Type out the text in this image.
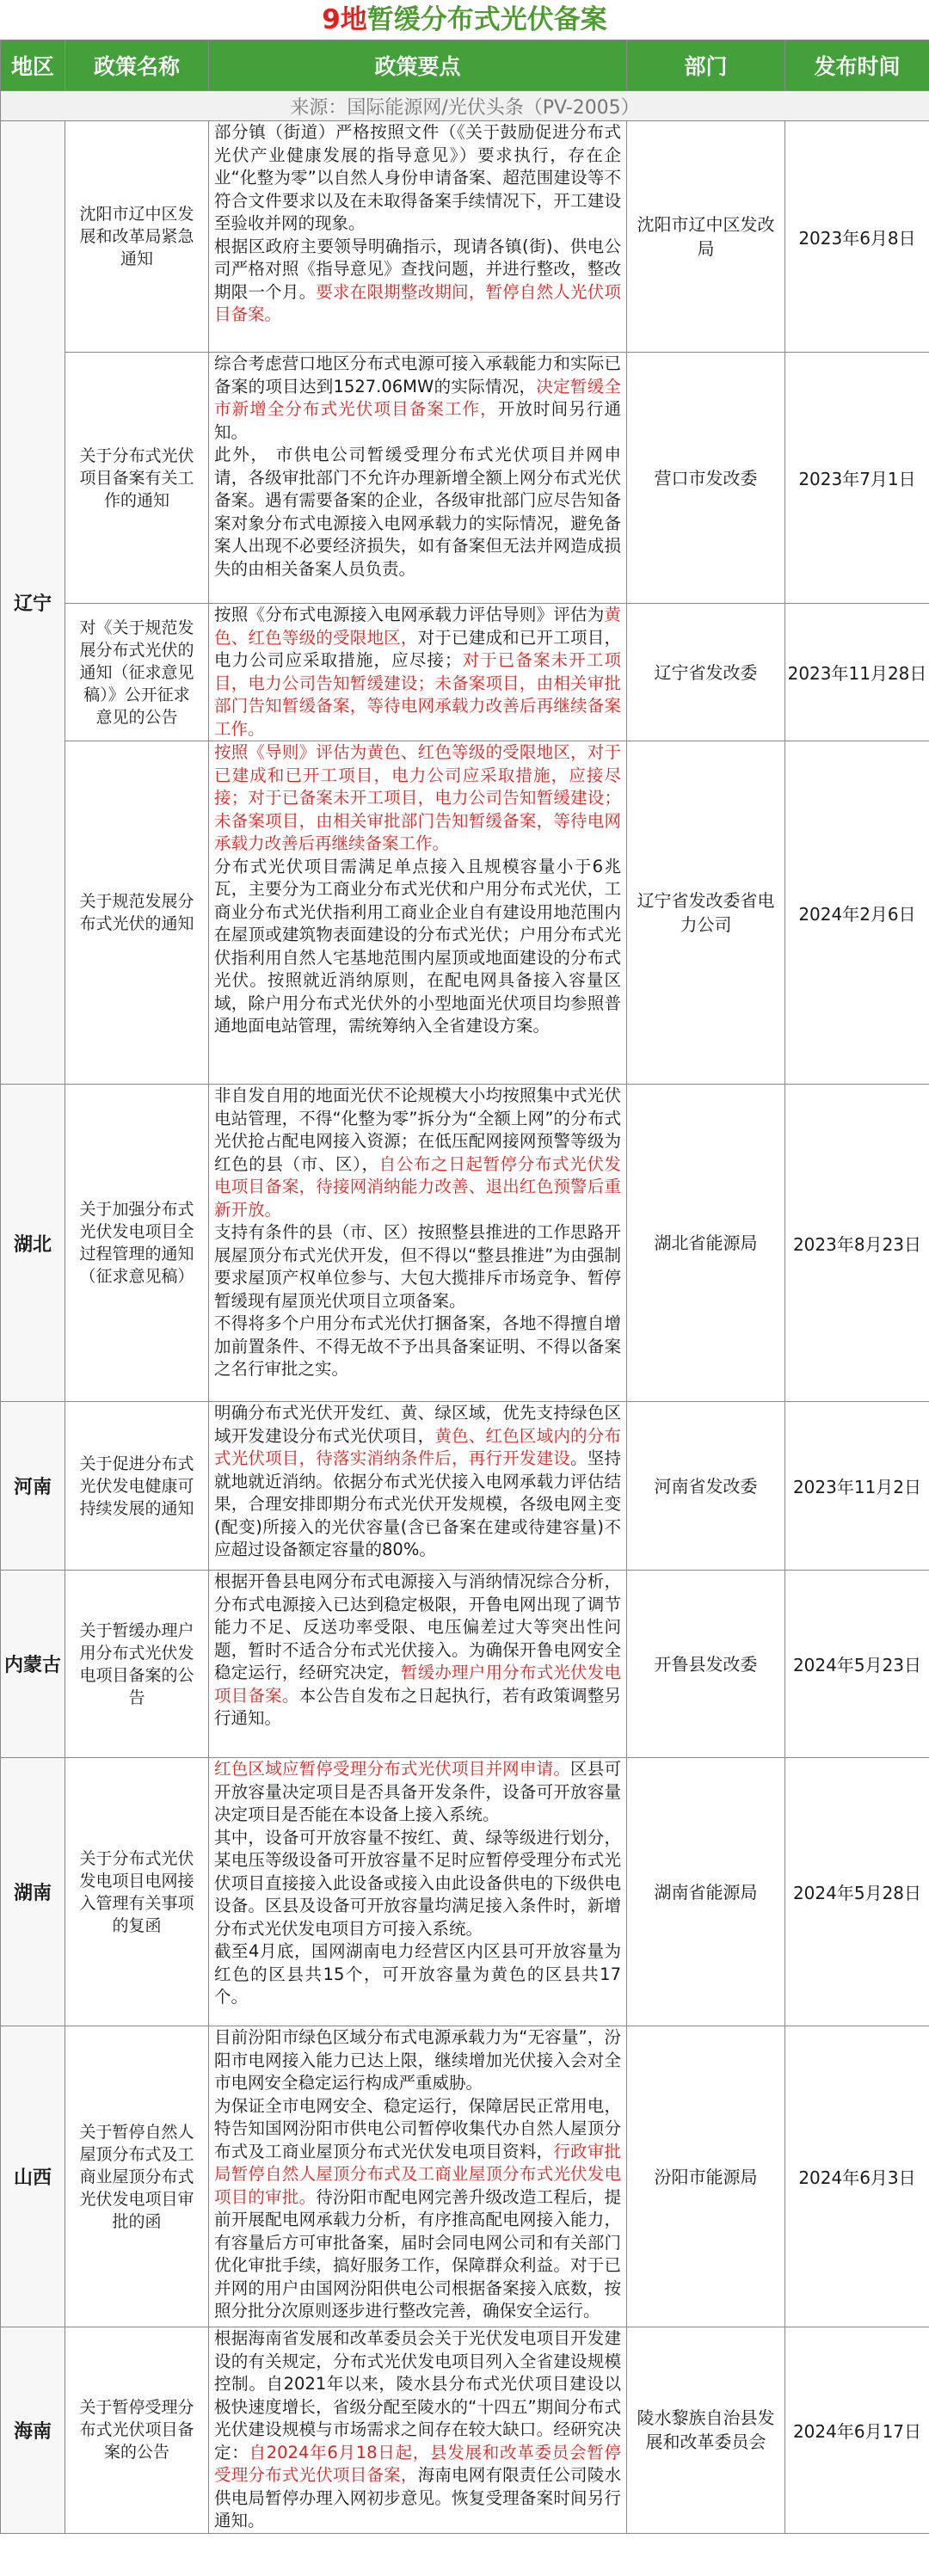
9地暂缓分布式光伏备案
地区	政策名称	政策要点	部门	发布时间
来源：国际能源网/光伏头条（PV-2005）				
辽宁	沈阳市辽中区发展和改革局紧急通知	部分镇（街道）严格按照文件（《关于鼓励促进分布式光伏产业健康发展的指导意见》）要求执行，存在企业“化整为零”以自然人身份申请备案、超范围建设等不符合文件要求以及在未取得备案手续情况下，开工建设至验收并网的现象。

根据区政府主要领导明确指示，现请各镇(街)、供电公司严格对照《指导意见》查找问题，并进行整改，整改期限一个月。要求在限期整改期间，暂停自然人光伏项目备案。	沈阳市辽中区发改局	2023年6月8日
	关于分布式光伏项目备案有关工作的通知	综合考虑营口地区分布式电源可接入承载能力和实际已备案的项目达到1527.06MW的实际情况，决定暂缓全市新增全分布式光伏项目备案工作，开放时间另行通知。

此外， 市供电公司暂缓受理分布式光伏项目并网申请，各级审批部门不允许办理新增全额上网分布式光伏备案。遇有需要备案的企业，各级审批部门应尽告知备案对象分布式电源接入电网承载力的实际情况，避免备案人出现不必要经济损失，如有备案但无法并网造成损失的由相关备案人员负责。	营口市发改委	2023年7月1日
	对《关于规范发展分布式光伏的通知（征求意见稿）》公开征求意见的公告	按照《分布式电源接入电网承载力评估导则》评估为黄色、红色等级的受限地区，对于已建成和已开工项目，电力公司应采取措施，应尽接；对于已备案未开工项目，电力公司告知暂缓建设；未备案项目，由相关审批部门告知暂缓备案，等待电网承载力改善后再继续备案工作。	辽宁省发改委	2023年11月28日
	关于规范发展分布式光伏的通知	按照《导则》评估为黄色、红色等级的受限地区，对于已建成和已开工项目，电力公司应采取措施，应接尽接；对于已备案未开工项目，电力公司告知暂缓建设；未备案项目，由相关审批部门告知暂缓备案，等待电网承载力改善后再继续备案工作。

分布式光伏项目需满足单点接入且规模容量小于6兆瓦，主要分为工商业分布式光伏和户用分布式光伏，工商业分布式光伏指利用工商业企业自有建设用地范围内在屋顶或建筑物表面建设的分布式光伏；户用分布式光伏指利用自然人宅基地范围内屋顶或地面建设的分布式光伏。按照就近消纳原则，在配电网具备接入容量区域，除户用分布式光伏外的小型地面光伏项目均参照普通地面电站管理，需统筹纳入全省建设方案。	辽宁省发改委省电力公司	2024年2月6日
湖北	关于加强分布式光伏发电项目全过程管理的通知（征求意见稿）	非自发自用的地面光伏不论规模大小均按照集中式光伏电站管理，不得“化整为零”拆分为“全额上网”的分布式光伏抢占配电网接入资源；在低压配网接网预警等级为红色的县（市、区），自公布之日起暂停分布式光伏发电项目备案，待接网消纳能力改善、退出红色预警后重新开放。

支持有条件的县（市、区）按照整县推进的工作思路开展屋顶分布式光伏开发，但不得以“整县推进”为由强制要求屋顶产权单位参与、大包大揽排斥市场竞争、暂停暂缓现有屋顶光伏项目立项备案。

不得将多个户用分布式光伏打捆备案，各地不得擅自增加前置条件、不得无故不予出具备案证明、不得以备案之名行审批之实。	湖北省能源局	2023年8月23日
河南	关于促进分布式光伏发电健康可持续发展的通知	明确分布式光伏开发红、黄、绿区域，优先支持绿色区域开发建设分布式光伏项目，黄色、红色区域内的分布式光伏项目，待落实消纳条件后，再行开发建设。坚持就地就近消纳。依据分布式光伏接入电网承载力评估结果，合理安排即期分布式光伏开发规模，各级电网主变(配变)所接入的光伏容量(含已备案在建或待建容量)不应超过设备额定容量的80%。	河南省发改委	2023年11月2日
内蒙古	关于暂缓办理户用分布式光伏发电项目备案的公告	根据开鲁县电网分布式电源接入与消纳情况综合分析，分布式电源接入已达到稳定极限，开鲁电网出现了调节能力不足、反送功率受限、电压偏差过大等突出性问题，暂时不适合分布式光伏接入。为确保开鲁电网安全稳定运行，经研究决定，暂缓办理户用分布式光伏发电项目备案。本公告自发布之日起执行，若有政策调整另行通知。	开鲁县发改委	2024年5月23日
湖南	关于分布式光伏发电项目电网接入管理有关事项的复函	红色区域应暂停受理分布式光伏项目并网申请。区县可开放容量决定项目是否具备开发条件，设备可开放容量决定项目是否能在本设备上接入系统。

其中，设备可开放容量不按红、黄、绿等级进行划分，某电压等级设备可开放容量不足时应暂停受理分布式光伏项目直接接入此设备或接入由此设备供电的下级供电设备。区县及设备可开放容量均满足接入条件时，新增分布式光伏发电项目方可接入系统。

截至4月底，国网湖南电力经营区内区县可开放容量为红色的区县共15个，可开放容量为黄色的区县共17个。	湖南省能源局	2024年5月28日
山西	关于暂停自然人屋顶分布式及工商业屋顶分布式光伏发电项目审批的函	目前汾阳市绿色区域分布式电源承载力为“无容量”，汾阳市电网接入能力已达上限，继续增加光伏接入会对全市电网安全稳定运行构成严重威胁。

为保证全市电网安全、稳定运行，保障居民正常用电，特告知国网汾阳市供电公司暂停收集代办自然人屋顶分布式及工商业屋顶分布式光伏发电项目资料，行政审批局暂停自然人屋顶分布式及工商业屋顶分布式光伏发电项目的审批。待汾阳市配电网完善升级改造工程后，提前开展配电网承载力分析，有序推高配电网接入能力，有容量后方可审批备案，届时会同电网公司和有关部门优化审批手续，搞好服务工作，保障群众利益。对于已并网的用户由国网汾阳供电公司根据备案接入底数，按照分批分次原则逐步进行整改完善，确保安全运行。	汾阳市能源局	2024年6月3日
海南	关于暂停受理分布式光伏项目备案的公告	根据海南省发展和改革委员会关于光伏发电项目开发建设的有关规定，分布式光伏发电项目列入全省建设规模控制。自2021年以来，陵水县分布式光伏项目建设以极快速度增长，省级分配至陵水的“十四五”期间分布式光伏建设规模与市场需求之间存在较大缺口。经研究决定：自2024年6月18日起，县发展和改革委员会暂停受理分布式光伏项目备案，海南电网有限责任公司陵水供电局暂停办理入网初步意见。恢复受理备案时间另行通知。	陵水黎族自治县发展和改革委员会	2024年6月17日
